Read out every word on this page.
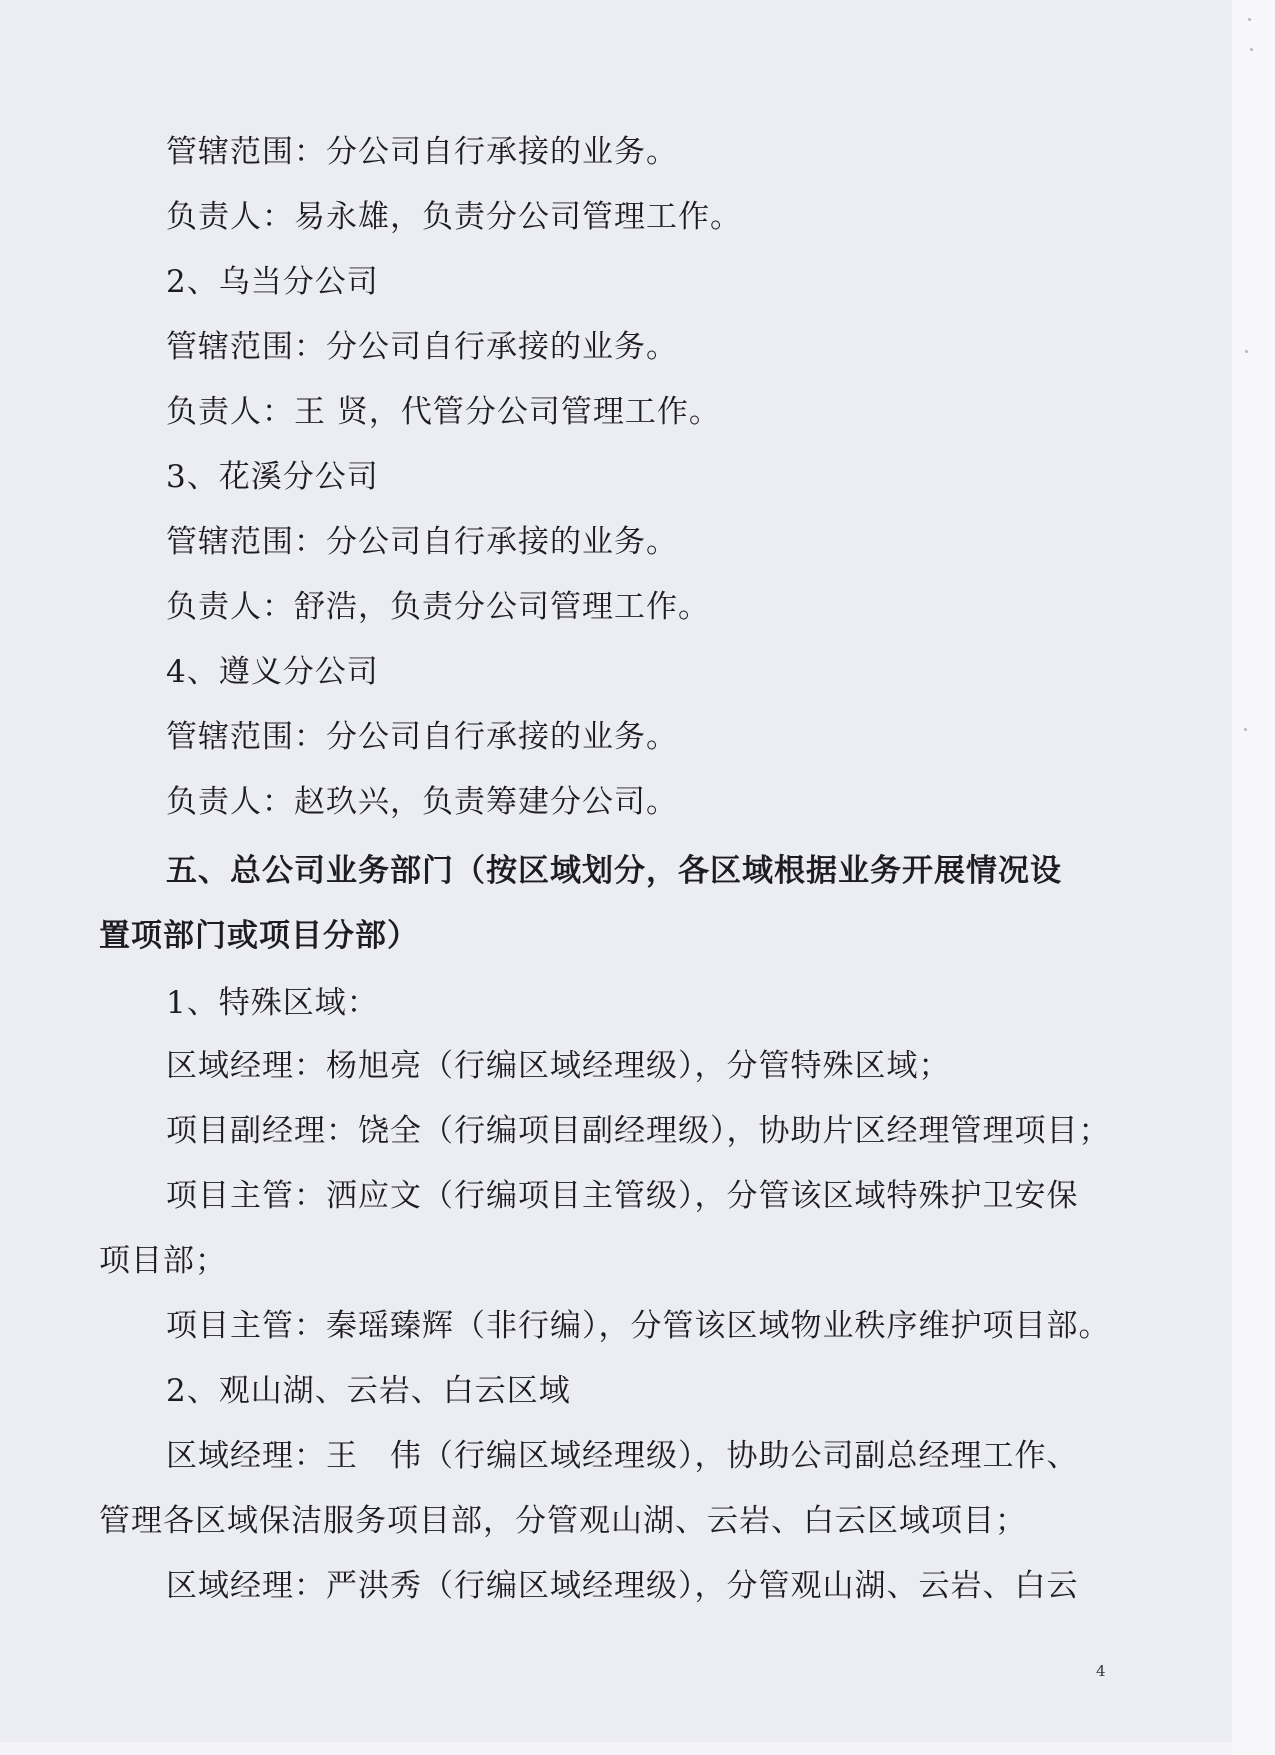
管辖范围：分公司自行承接的业务。
负责人：易永雄，负责分公司管理工作。
2、乌当分公司
管辖范围：分公司自行承接的业务。
负责人：王 贤，代管分公司管理工作。
3、花溪分公司
管辖范围：分公司自行承接的业务。
负责人：舒浩，负责分公司管理工作。
4、遵义分公司
管辖范围：分公司自行承接的业务。
负责人：赵玖兴，负责筹建分公司。
五、总公司业务部门（按区域划分，各区域根据业务开展情况设
置项部门或项目分部）
1、特殊区域：
区域经理：杨旭亮（行编区域经理级），分管特殊区域；
项目副经理：饶全（行编项目副经理级），协助片区经理管理项目；
项目主管：洒应文（行编项目主管级），分管该区域特殊护卫安保
项目部；
项目主管：秦瑶臻辉（非行编），分管该区域物业秩序维护项目部。
2、观山湖、云岩、白云区域
区域经理：王　伟（行编区域经理级），协助公司副总经理工作、
管理各区域保洁服务项目部，分管观山湖、云岩、白云区域项目；
区域经理：严洪秀（行编区域经理级），分管观山湖、云岩、白云
4
